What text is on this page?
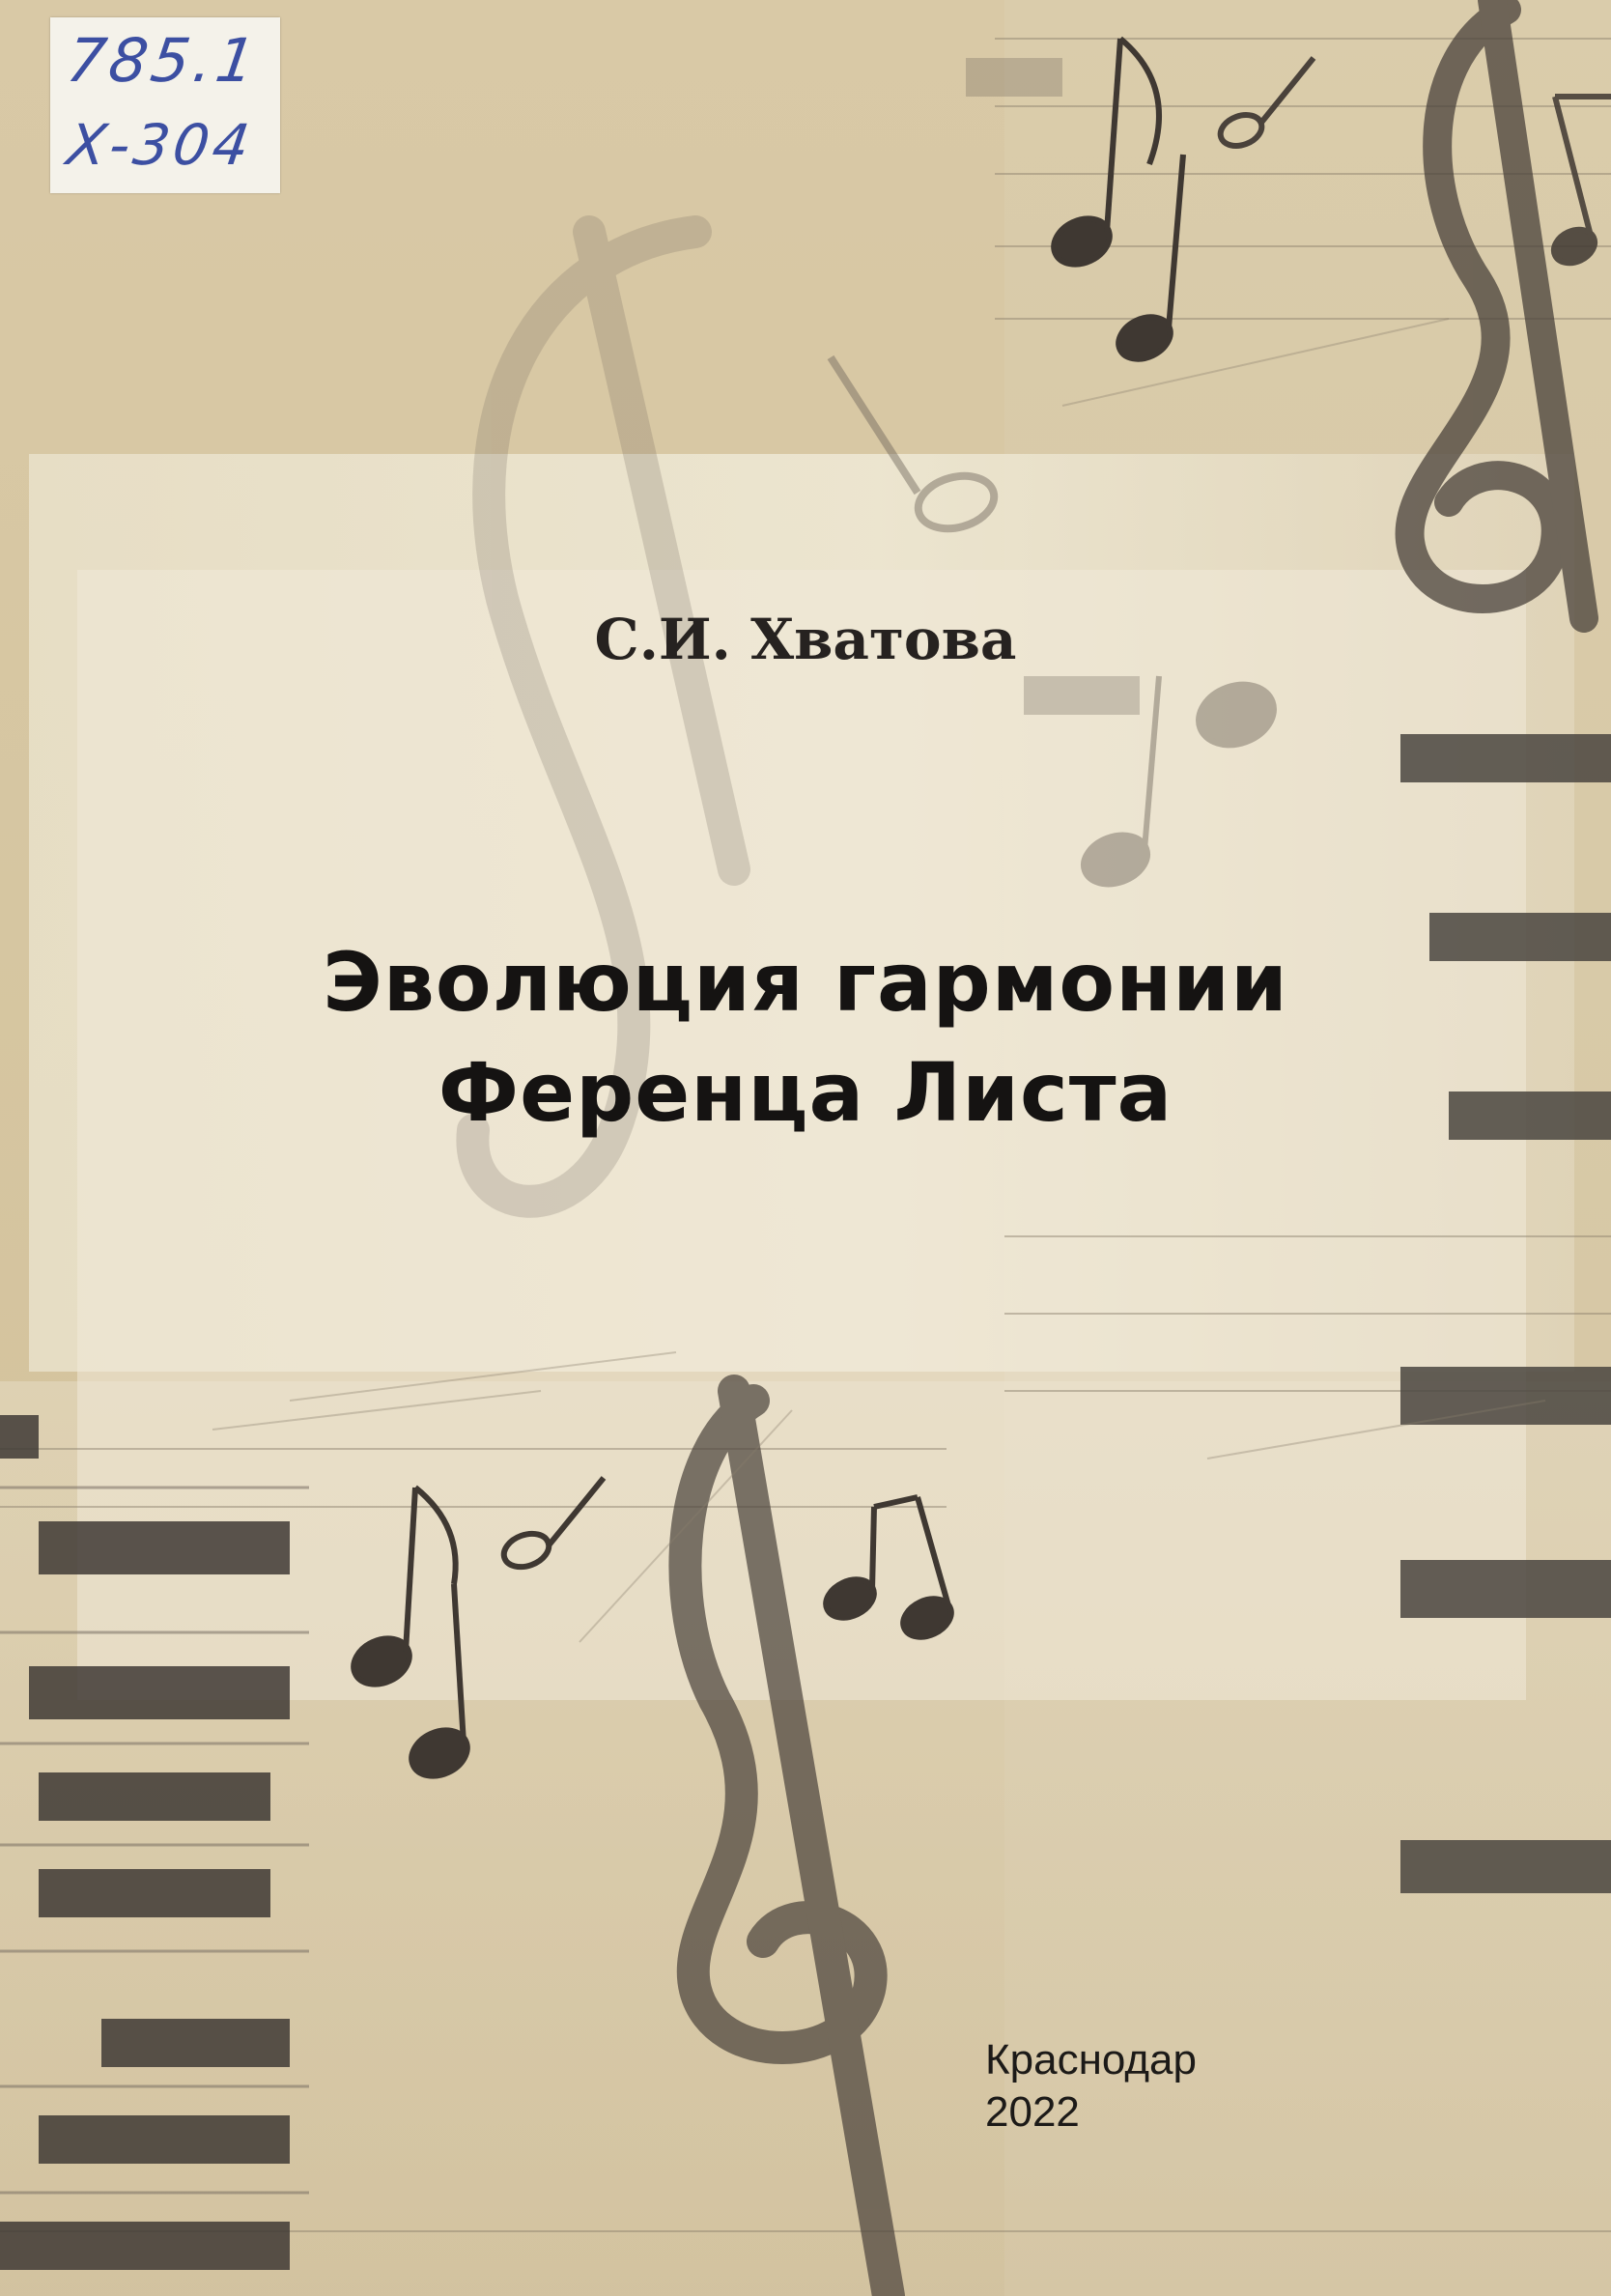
785.1
Х-304
С.И. Хватова
Эволюция гармонии
Ференца Листа
Краснодар
2022
